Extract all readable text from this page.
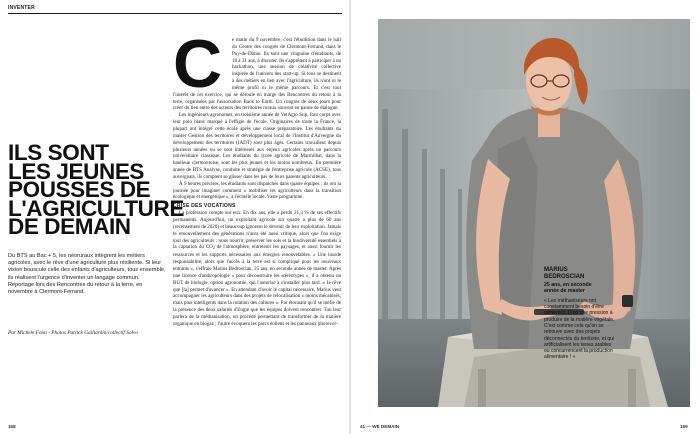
INVENTER
ILS SONT
LES JEUNES
POUSSES DE
L'AGRICULTURE
DE DEMAIN

Du BTS au Bac + 5, les néoruraux intègrent les métiers agricoles, avec le rêve d'une agriculture plus résiliente. Si leur vision bouscule celle des enfants d'agriculteurs, tous ensemble, ils réalisent l'urgence d'inventer un langage commun. Reportage lors des Rencontres du retour à la terre, en novembre à Clermont-Ferrand.

Par Michele Fonn - Photos Patrick Gaillardin/collectif Solvo
C	e matin du 9 novembre, c'est l'ébullition dans le hall du Centre des congrès de Clermont-Ferrand, dans le Puy-de-Dôme. Ils sont une vingtaine d'étudiants, de 18 à 31 ans, à discuter. Ils s'apprêtent à participer à un hackathon, une session de créativité collective inspirée de l'univers des start-up. Si tous se destinent à des métiers en lien avec l'agriculture, ils n'ont ni le même profil ni le même parcours. Et c'est tout l'intérêt de cet exercice, qui se déroule en marge des Rencontres du retour à la terre, organisées par l'association Back to Earth. Un congrès de deux jours pour créer du lien entre des acteurs des territoires ruraux souvent en panne de dialogue.

Les ingénieurs agronomes, en troisième année de VetAgro Sup, font corps avec leur polo blanc marqué à l'effigie de l'école. Originaires de toute la France, la plupart ont intégré cette école après une classe préparatoire. Les étudiants du master Gestion des territoires et développement local de l'Institut d'Auvergne du développement des territoires (IADT) sont plus âgés. Certains travaillent depuis plusieurs années ou se sont intéressés aux enjeux agricoles après un parcours universitaire classique. Les étudiants du lycée agricole de Marmilhat, dans la banlieue clermontoise, sont les plus jeunes et les moins nombreux. En première année de BTS Analyse, conduite et stratégie de l'entreprise agricole (ACSE), tous auvergnats, ils comptent se glisser dans les pas de leurs parents agriculteurs.

À 9 heures précises, les étudiants sont dispatchés dans quatre équipes : ils ont la journée pour imaginer comment « mobiliser les agriculteurs dans la transition écologique et énergétique », à l'échelle locale. Vaste programme.

CRISE DES VOCATIONS

La profession compte sur eux. En dix ans, elle a perdu 21,3 % de ses effectifs permanents. Aujourd'hui, un exploitant agricole sur quatre a plus de 60 ans (recensement de 2020) et beaucoup ignorent le devenir de leur exploitation. Jamais le renouvellement des générations n'aura été aussi critique, alors que l'on exige tout des agriculteurs : nous nourrir, préserver les sols et la biodiversité essentiels à la captation du CO2 de l'atmosphère, entretenir les paysages, et aussi fournir les ressources et les supports nécessaires aux énergies renouvelables. « Une lourde responsabilité, alors que l'accès à la terre est si compliqué pour les nouveaux entrants », s'effraie Marius Bedroscian, 25 ans, en seconde année de master. Après une licence d'anthropologie « pour déconstruire les stéréotypes », il a obtenu un BUT de biologie, option agronomie, qui l'autorise à s'installer plus tard. « Je rêve que [la] permet d'avancer ». En attendant d'avoir le capital nécessaire, Marius veut accompagner les agriculteurs dans des projets de relocalisation « moins mécanisés, mais plus intelligents dans la rotation des cultures ». Par étonnant qu'il se méfie de la présence des deux salariés d'Engie que les équipes doivent rencontrer. Tun leur parlera de la méthanisation, un procédé permettant de transformer de la matière organique en biogaz ; l'autre évoquera les parcs éoliens et les panneaux photovol-

MARIUS
BEDROSCIAN
25 ans, en seconde
année de master
« Les méthaniseurs ont constamment besoin d'être alimentés. D'où une pression à produire de la matière végétale. C'est comme cela qu'on se retrouve avec des projets déconnectés du territoire, et qui artificialisent les terres arables ou concurrencent la production alimentaire ! »
168	41 — WE DEMAIN	169
